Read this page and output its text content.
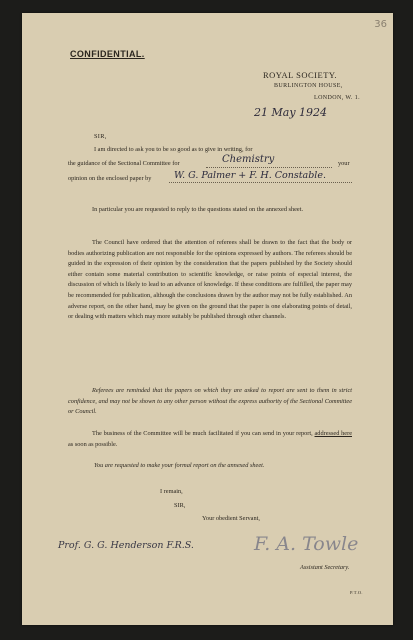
36
CONFIDENTIAL.
ROYAL SOCIETY.
BURLINGTON HOUSE,
LONDON, W. 1.
21 May 1924
SIR,
I am directed to ask you to be so good as to give in writing, for
the guidance of the Sectional Committee for	Chemistry	your
opinion on the enclosed paper by W. G. Palmer + F. H. Constable.

In particular you are requested to reply to the questions stated on the annexed sheet.

The Council have ordered that the attention of referees shall be drawn to the fact that the body or bodies authorizing publication are not responsible for the opinions expressed by authors. The referees should be guided in the expression of their opinion by the consideration that the papers published by the Society should either contain some material contribution to scientific knowledge, or raise points of especial interest, the discussion of which is likely to lead to an advance of knowledge. If these conditions are fulfilled, the paper may be recommended for publication, although the conclusions drawn by the author may not be fully established. An adverse report, on the other hand, may be given on the ground that the paper is one elaborating points of detail, or dealing with matters which may more suitably be published through other channels.

Referees are reminded that the papers on which they are asked to report are sent to them in strict confidence, and may not be shown to any other person without the express authority of the Sectional Committee or Council.

The business of the Committee will be much facilitated if you can send in your report, addressed here as soon as possible.

You are requested to make your formal report on the annexed sheet.
I remain,
SIR,
Your obedient Servant,
F. A. Towle
Prof. G. G. Henderson F.R.S.
Assistant Secretary.
P.T.O.
